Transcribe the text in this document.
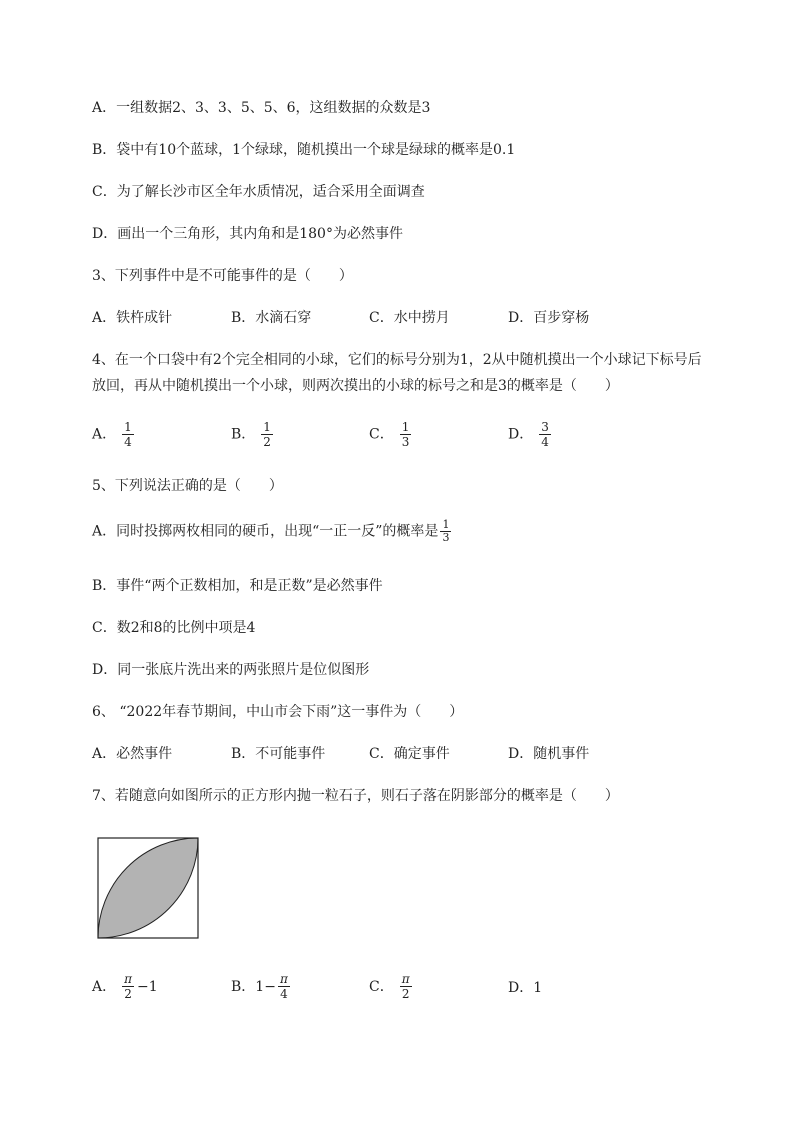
A．一组数据2、3、3、5、5、6，这组数据的众数是3
B．袋中有10个蓝球，1个绿球，随机摸出一个球是绿球的概率是0.1
C．为了解长沙市区全年水质情况，适合采用全面调查
D．画出一个三角形，其内角和是180°为必然事件
3、下列事件中是不可能事件的是（　　）
A．铁杵成针	B．水滴石穿	C．水中捞月	D．百步穿杨
4、在一个口袋中有2个完全相同的小球，它们的标号分别为1，2从中随机摸出一个小球记下标号后
放回，再从中随机摸出一个小球，则两次摸出的小球的标号之和是3的概率是（　　）
A． $\frac{1}{4}$	B． $\frac{1}{2}$	C． $\frac{1}{3}$	D． $\frac{3}{4}$
5、下列说法正确的是（　　）
A．同时投掷两枚相同的硬币，出现“一正一反”的概率是 $\frac{1}{3}$
B．事件“两个正数相加，和是正数”是必然事件
C．数2和8的比例中项是4
D．同一张底片洗出来的两张照片是位似图形
6、 “2022年春节期间，中山市会下雨”这一事件为（　　）
A．必然事件	B．不可能事件	C．确定事件	D．随机事件
7、若随意向如图所示的正方形内抛一粒石子，则石子落在阴影部分的概率是（　　）
A． $\frac{\pi}{2} -1$	B． $1- \frac{\pi}{4}$	C． $\frac{\pi}{2}$	D．1
